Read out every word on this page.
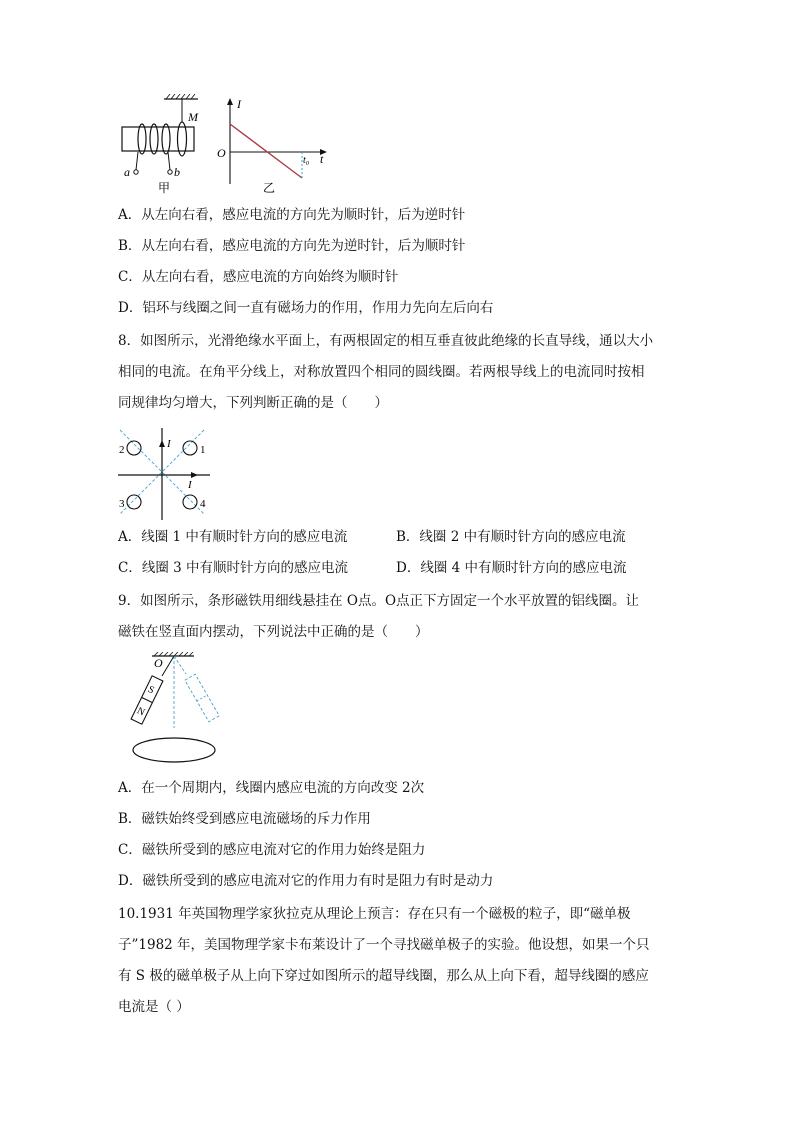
M
a	b
甲
I
O
t₀ t
乙
A．从左向右看，感应电流的方向先为顺时针，后为逆时针
B．从左向右看，感应电流的方向先为逆时针，后为顺时针
C．从左向右看，感应电流的方向始终为顺时针
D．铝环与线圈之间一直有磁场力的作用，作用力先向左后向右
8．如图所示，光滑绝缘水平面上，有两根固定的相互垂直彼此绝缘的长直导线，通以大小
相同的电流。在角平分线上，对称放置四个相同的圆线圈。若两根导线上的电流同时按相
同规律均匀增大，下列判断正确的是（　　）
1
2
3	4
I
I
A．线圈 1 中有顺时针方向的感应电流	B．线圈 2 中有顺时针方向的感应电流
C．线圈 3 中有顺时针方向的感应电流	D．线圈 4 中有顺时针方向的感应电流
9．如图所示，条形磁铁用细线悬挂在 O点。O点正下方固定一个水平放置的铝线圈。让
磁铁在竖直面内摆动，下列说法中正确的是（　　）
O
S
N
A．在一个周期内，线圈内感应电流的方向改变 2次
B．磁铁始终受到感应电流磁场的斥力作用
C．磁铁所受到的感应电流对它的作用力始终是阻力
D．磁铁所受到的感应电流对它的作用力有时是阻力有时是动力
10.1931 年英国物理学家狄拉克从理论上预言：存在只有一个磁极的粒子，即“磁单极
子”1982 年，美国物理学家卡布莱设计了一个寻找磁单极子的实验。他设想，如果一个只
有 S 极的磁单极子从上向下穿过如图所示的超导线圈，那么从上向下看，超导线圈的感应
电流是（ ）
